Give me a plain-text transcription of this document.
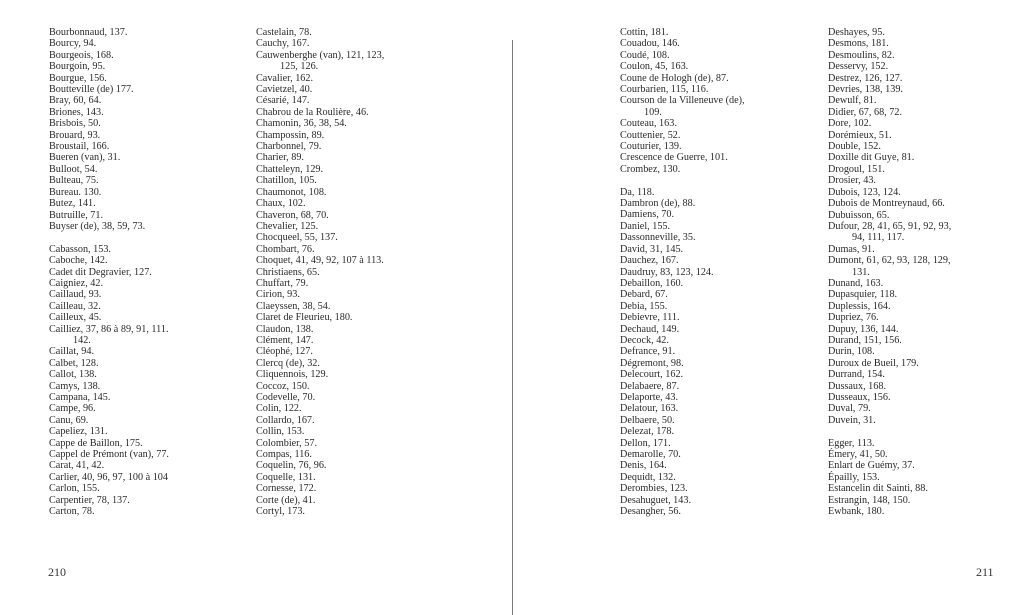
Bourbonnaud, 137.
Bourcy, 94.
Bourgeois, 168.
Bourgoin, 95.
Bourgue, 156.
Boutteville (de) 177.
Bray, 60, 64.
Briones, 143.
Brisbois, 50.
Brouard, 93.
Broustail, 166.
Bueren (van), 31.
Bulloot, 54.
Bulteau, 75.
Bureau. 130.
Butez, 141.
Butruille, 71.
Buyser (de), 38, 59, 73.
Cabasson, 153.
Caboche, 142.
Cadet dit Degravier, 127.
Caigniez, 42.
Caillaud, 93.
Cailleau, 32.
Cailleux, 45.
Cailliez, 37, 86 à 89, 91, 111.
142.
Caillat, 94.
Calbet, 128.
Callot, 138.
Camys, 138.
Campana, 145.
Campe, 96.
Canu, 69.
Capeliez, 131.
Cappe de Baillon, 175.
Cappel de Prémont (van), 77.
Carat, 41, 42.
Carlier, 40, 96, 97, 100 à 104
Carlon, 155.
Carpentier, 78, 137.
Carton, 78.
Castelain, 78.
Cauchy, 167.
Cauwenberghe (van), 121, 123,
125, 126.
Cavalier, 162.
Cavietzel, 40.
Césarié, 147.
Chabrou de la Roulière, 46.
Chamonin, 36, 38, 54.
Champossin, 89.
Charbonnel, 79.
Charier, 89.
Chatteleyn, 129.
Chatillon, 105.
Chaumonot, 108.
Chaux, 102.
Chaveron, 68, 70.
Chevalier, 125.
Chocqueel, 55, 137.
Chombart, 76.
Choquet, 41, 49, 92, 107 à 113.
Christiaens, 65.
Chuffart, 79.
Cirion, 93.
Claeyssen, 38, 54.
Claret de Fleurieu, 180.
Claudon, 138.
Clément, 147.
Cléophé, 127.
Clercq (de), 32.
Cliquennois, 129.
Coccoz, 150.
Codevelle, 70.
Colin, 122.
Collardo, 167.
Collin, 153.
Colombier, 57.
Compas, 116.
Coquelin, 76, 96.
Coquelle, 131.
Cornesse, 172.
Corte (de), 41.
Cortyl, 173.
210
Cottin, 181.
Couadou, 146.
Coudé, 108.
Coulon, 45, 163.
Coune de Hologh (de), 87.
Courbarien, 115, 116.
Courson de la Villeneuve (de),
109.
Couteau, 163.
Couttenier, 52.
Couturier, 139.
Crescence de Guerre, 101.
Crombez, 130.
Da, 118.
Dambron (de), 88.
Damiens, 70.
Daniel, 155.
Dassonneville, 35.
David, 31, 145.
Dauchez, 167.
Daudruy, 83, 123, 124.
Debaillon, 160.
Debard, 67.
Debia, 155.
Debievre, 111.
Dechaud, 149.
Decock, 42.
Defrance, 91.
Dégremont, 98.
Delecourt, 162.
Delabaere, 87.
Delaporte, 43.
Delatour, 163.
Delbaere, 50.
Delezat, 178.
Dellon, 171.
Demarolle, 70.
Denis, 164.
Dequidt, 132.
Derombies, 123.
Desahuguet, 143.
Desangher, 56.
Deshayes, 95.
Desmons, 181.
Desmoulins, 82.
Desservy, 152.
Destrez, 126, 127.
Devries, 138, 139.
Dewulf, 81.
Didier, 67, 68, 72.
Dore, 102.
Dorémieux, 51.
Double, 152.
Doxille dit Guye, 81.
Drogoul, 151.
Drosier, 43.
Dubois, 123, 124.
Dubois de Montreynaud, 66.
Dubuisson, 65.
Dufour, 28, 41, 65, 91, 92, 93,
94, 111, 117.
Dumas, 91.
Dumont, 61, 62, 93, 128, 129,
131.
Dunand, 163.
Dupasquier, 118.
Duplessis, 164.
Dupriez, 76.
Dupuy, 136, 144.
Durand, 151, 156.
Durin, 108.
Duroux de Bueil, 179.
Durrand, 154.
Dussaux, 168.
Dusseaux, 156.
Duval, 79.
Duvein, 31.
Egger, 113.
Émery, 41, 50.
Enlart de Guémy, 37.
Épailly, 153.
Estancelin dit Sainti, 88.
Estrangin, 148, 150.
Ewbank, 180.
211
